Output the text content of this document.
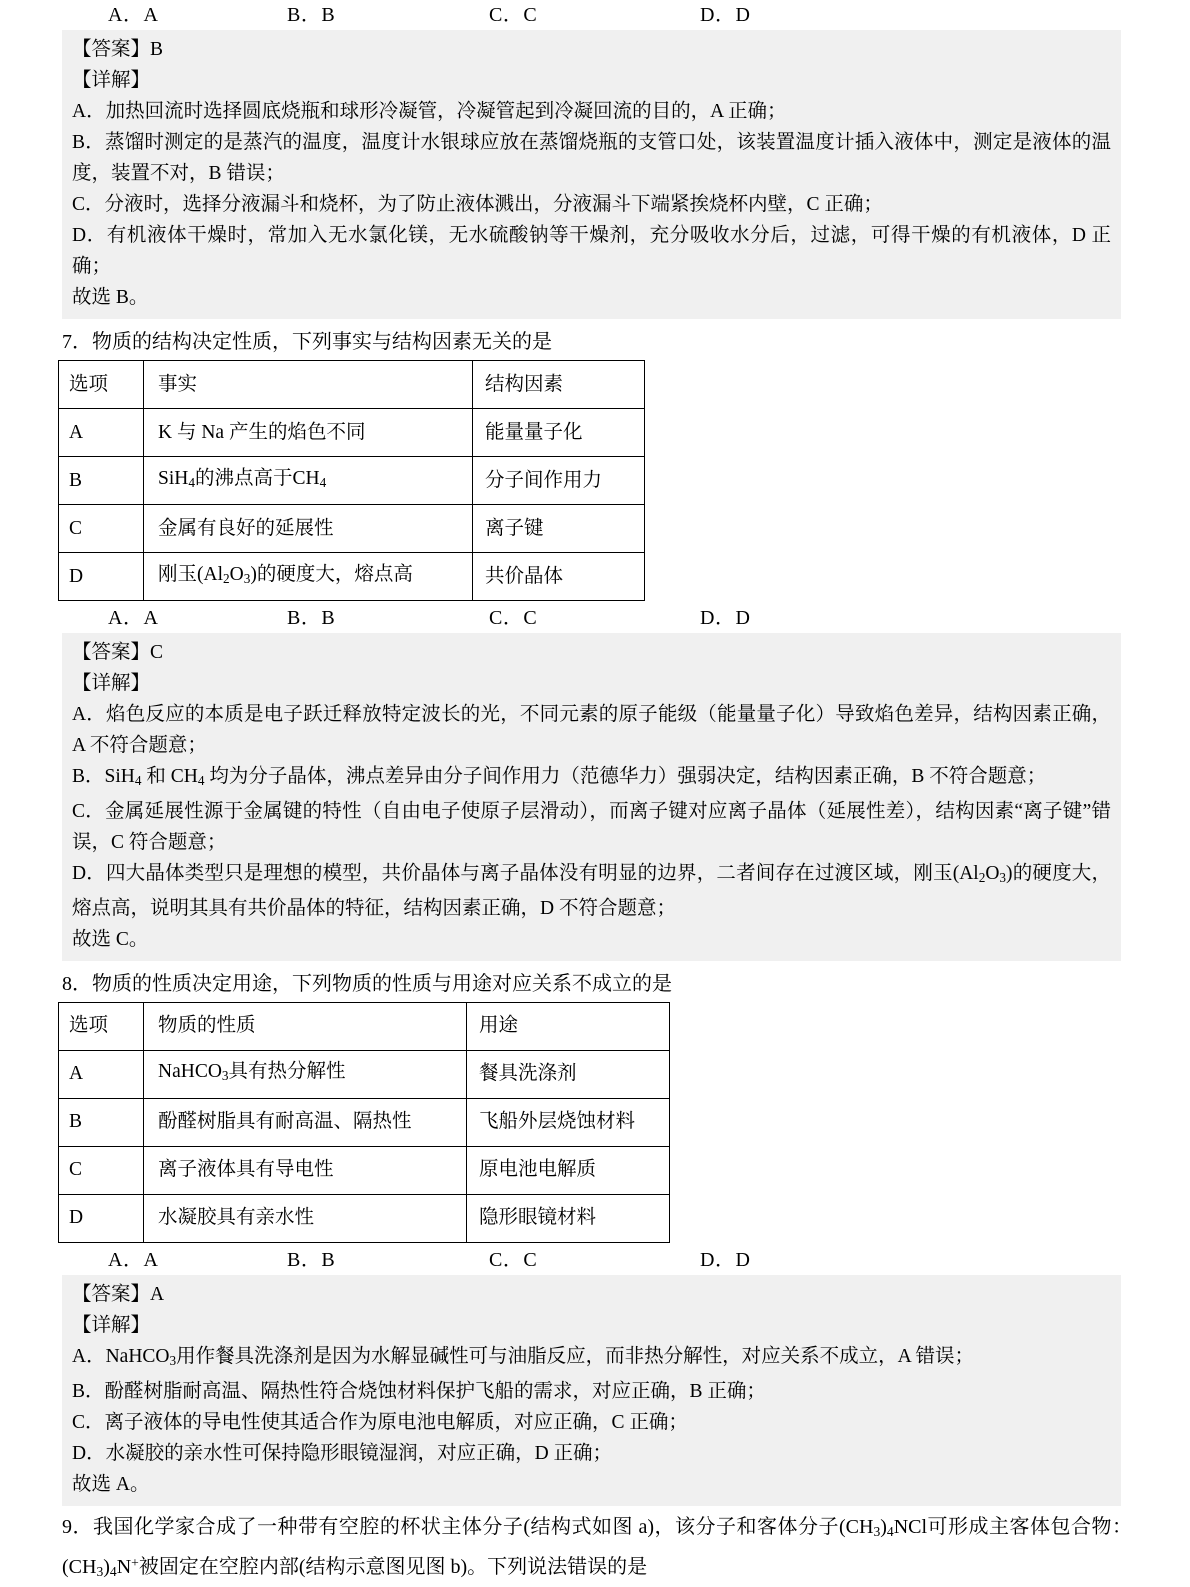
A．A	B．B	C．C	D．D
【答案】B
【详解】
A．加热回流时选择圆底烧瓶和球形冷凝管，冷凝管起到冷凝回流的目的，A 正确；
B．蒸馏时测定的是蒸汽的温度，温度计水银球应放在蒸馏烧瓶的支管口处，该装置温度计插入液体中，测定是液体的温度，装置不对，B 错误；
C．分液时，选择分液漏斗和烧杯，为了防止液体溅出，分液漏斗下端紧挨烧杯内壁，C 正确；
D．有机液体干燥时，常加入无水氯化镁，无水硫酸钠等干燥剂，充分吸收水分后，过滤，可得干燥的有机液体，D 正确；
故选 B。
7．物质的结构决定性质，下列事实与结构因素无关的是
选项	事实	结构因素
A	K 与 Na 产生的焰色不同	能量量子化
B	SiH$_4$的沸点高于$CH_4$	分子间作用力
C	金属有良好的延展性	离子键
D	刚玉$(Al_2O_3)$的硬度大，熔点高	共价晶体
A．A	B．B	C．C	D．D
【答案】C
【详解】
A．焰色反应的本质是电子跃迁释放特定波长的光，不同元素的原子能级（能量量子化）导致焰色差异，结构因素正确，A 不符合题意；
B．SiH$_4$ 和 $CH_4$ 均为分子晶体，沸点差异由分子间作用力（范德华力）强弱决定，结构因素正确，B 不符合题意；
C．金属延展性源于金属键的特性（自由电子使原子层滑动），而离子键对应离子晶体（延展性差），结构因素“离子键”错误，C 符合题意；
D．四大晶体类型只是理想的模型，共价晶体与离子晶体没有明显的边界，二者间存在过渡区域，刚玉$(Al_2O_3)$的硬度大，熔点高，说明其具有共价晶体的特征，结构因素正确，D 不符合题意；
故选 C。
8．物质的性质决定用途，下列物质的性质与用途对应关系不成立的是
选项	物质的性质	用途
A	NaHCO$_3$具有热分解性	餐具洗涤剂
B	酚醛树脂具有耐高温、隔热性	飞船外层烧蚀材料
C	离子液体具有导电性	原电池电解质
D	水凝胶具有亲水性	隐形眼镜材料
A．A	B．B	C．C	D．D
【答案】A
【详解】
A．NaHCO$_3$用作餐具洗涤剂是因为水解显碱性可与油脂反应，而非热分解性，对应关系不成立，A 错误；
B．酚醛树脂耐高温、隔热性符合烧蚀材料保护飞船的需求，对应正确，B 正确；
C．离子液体的导电性使其适合作为原电池电解质，对应正确，C 正确；
D．水凝胶的亲水性可保持隐形眼镜湿润，对应正确，D 正确；
故选 A。
9．我国化学家合成了一种带有空腔的杯状主体分子(结构式如图 a)，该分子和客体分子$(CH_3)_4NCl$可形成主客体包合物：$(CH_3)_4N^+$被固定在空腔内部(结构示意图见图 b)。下列说法错误的是
